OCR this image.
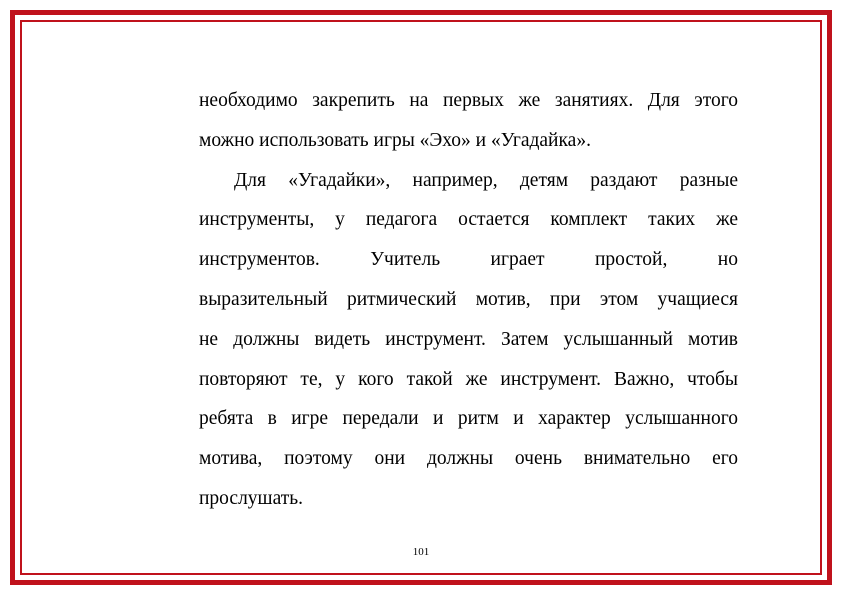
необходимо закрепить на первых же занятиях. Для этого
можно использовать игры «Эхо» и «Угадайка».
Для «Угадайки», например, детям раздают разные
инструменты, у педагога остается комплект таких же
инструментов. Учитель играет простой, но
выразительный ритмический мотив, при этом учащиеся
не должны видеть инструмент. Затем услышанный мотив
повторяют те, у кого такой же инструмент. Важно, чтобы
ребята в игре передали и ритм и характер услышанного
мотива, поэтому они должны очень внимательно его
прослушать.
101
